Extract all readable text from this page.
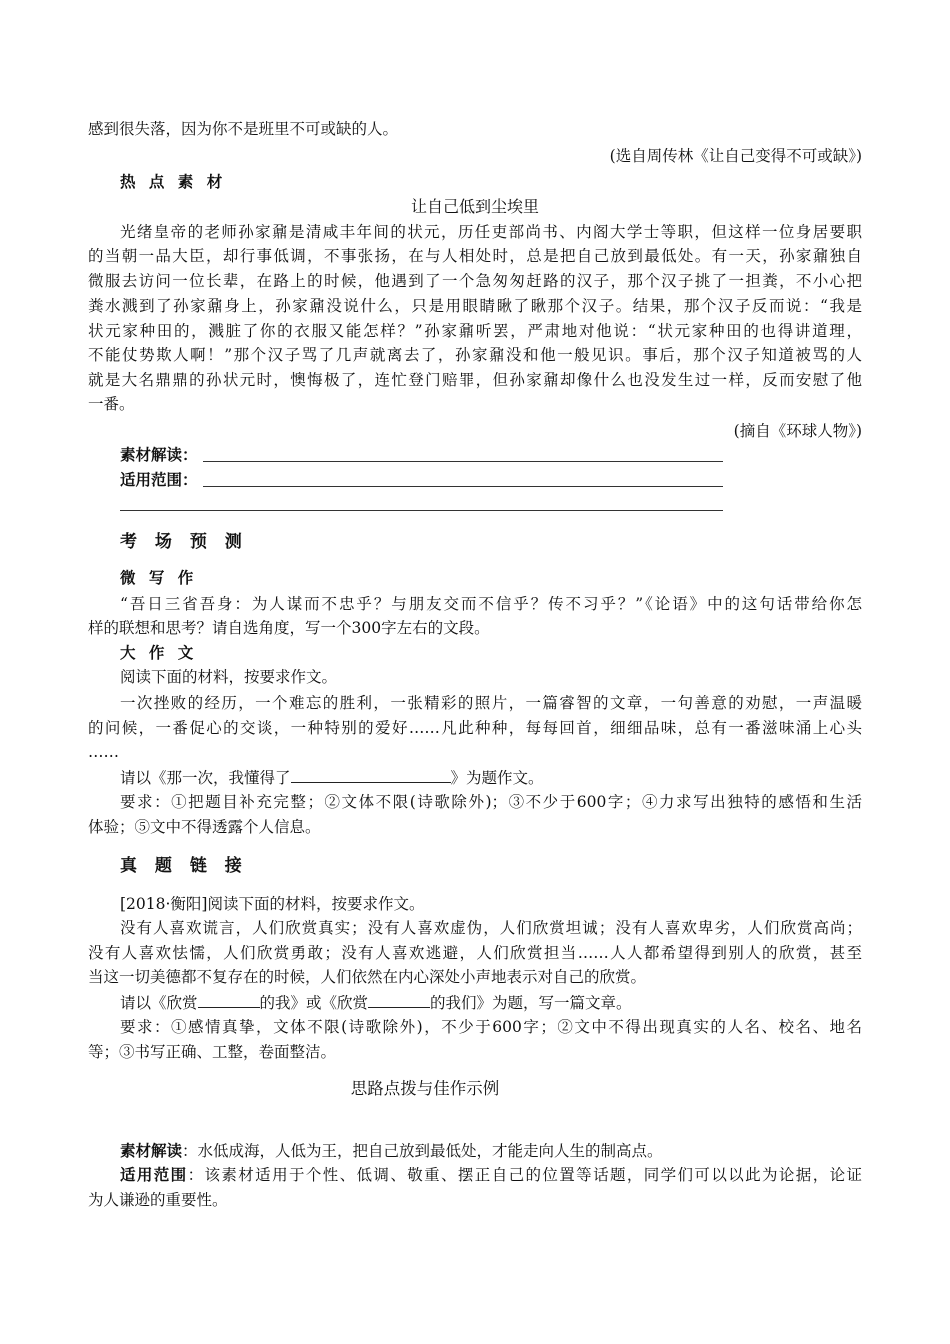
感到很失落，因为你不是班里不可或缺的人。
(选自周传林《让自己变得不可或缺》)
热 点 素 材
让自己低到尘埃里
光绪皇帝的老师孙家鼐是清咸丰年间的状元，历任吏部尚书、内阁大学士等职，但这样一位身居要职
的当朝一品大臣，却行事低调，不事张扬，在与人相处时，总是把自己放到最低处。有一天，孙家鼐独自
微服去访问一位长辈，在路上的时候，他遇到了一个急匆匆赶路的汉子，那个汉子挑了一担粪，不小心把
粪水溅到了孙家鼐身上，孙家鼐没说什么，只是用眼睛瞅了瞅那个汉子。结果，那个汉子反而说：“我是
状元家种田的，溅脏了你的衣服又能怎样？”孙家鼐听罢，严肃地对他说：“状元家种田的也得讲道理，
不能仗势欺人啊！”那个汉子骂了几声就离去了，孙家鼐没和他一般见识。事后，那个汉子知道被骂的人
就是大名鼎鼎的孙状元时，懊悔极了，连忙登门赔罪，但孙家鼐却像什么也没发生过一样，反而安慰了他
一番。
(摘自《环球人物》)
素材解读：
适用范围：
考 场 预 测
微 写 作
“吾日三省吾身：为人谋而不忠乎？与朋友交而不信乎？传不习乎？”《论语》中的这句话带给你怎
样的联想和思考？请自选角度，写一个300字左右的文段。
大 作 文
阅读下面的材料，按要求作文。
一次挫败的经历，一个难忘的胜利，一张精彩的照片，一篇睿智的文章，一句善意的劝慰，一声温暖
的问候，一番促心的交谈，一种特别的爱好……凡此种种，每每回首，细细品味，总有一番滋味涌上心头
……
请以《那一次，我懂得了	》为题作文。
要求：①把题目补充完整；②文体不限(诗歌除外)；③不少于600字；④力求写出独特的感悟和生活
体验；⑤文中不得透露个人信息。
真 题 链 接
[2018·衡阳]阅读下面的材料，按要求作文。
没有人喜欢谎言，人们欣赏真实；没有人喜欢虚伪，人们欣赏坦诚；没有人喜欢卑劣，人们欣赏高尚；
没有人喜欢怯懦，人们欣赏勇敢；没有人喜欢逃避，人们欣赏担当……人人都希望得到别人的欣赏，甚至
当这一切美德都不复存在的时候，人们依然在内心深处小声地表示对自己的欣赏。
请以《欣赏	的我》或《欣赏	的我们》为题，写一篇文章。
要求：①感情真挚，文体不限(诗歌除外)，不少于600字；②文中不得出现真实的人名、校名、地名
等；③书写正确、工整，卷面整洁。
思路点拨与佳作示例
素材解读：水低成海，人低为王，把自己放到最低处，才能走向人生的制高点。
适用范围：该素材适用于个性、低调、敬重、摆正自己的位置等话题，同学们可以以此为论据，论证
为人谦逊的重要性。
